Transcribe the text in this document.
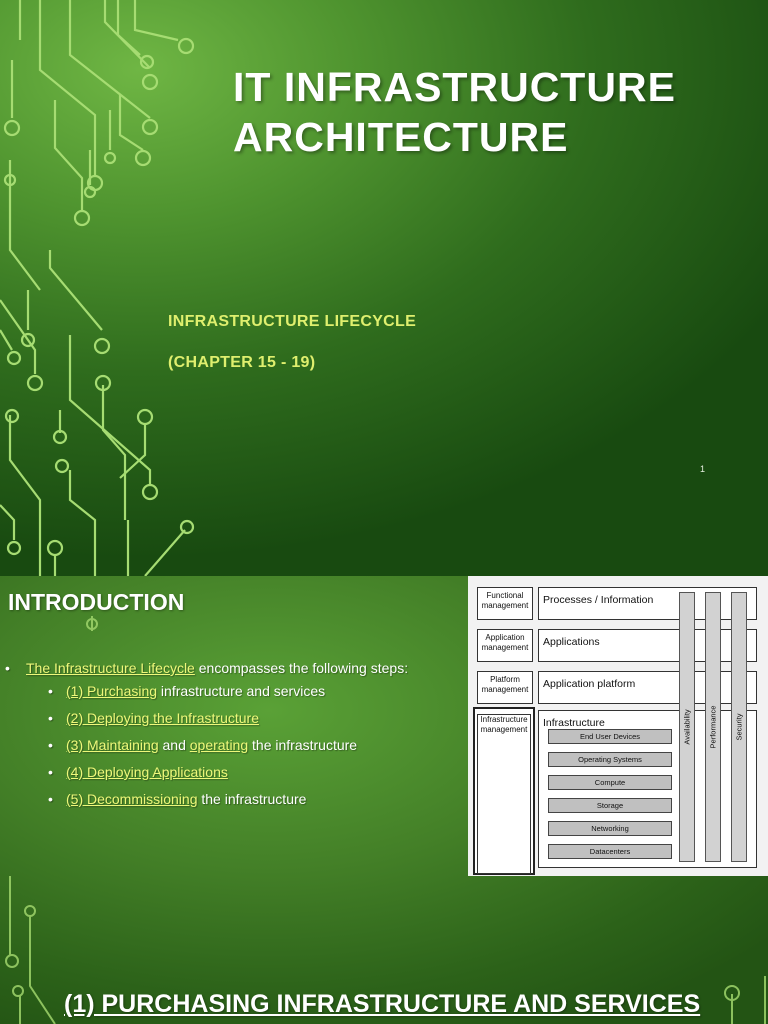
IT INFRASTRUCTURE
ARCHITECTURE

INFRASTRUCTURE LIFECYCLE

(CHAPTER 15 - 19)

1
INTRODUCTION
• The Infrastructure Lifecycle encompasses the following steps:
• (1) Purchasing infrastructure and services
• (2) Deploying the Infrastructure
• (3) Maintaining and operating the infrastructure
• (4) Deploying Applications
• (5) Decommissioning the infrastructure
Functional management
Application management
Platform management
Infrastructure management
Processes / Information
Applications
Application platform
Infrastructure
End User Devices
Operating Systems
Compute
Storage
Networking
Datacenters
Availability Performance Security
(1) PURCHASING INFRASTRUCTURE AND SERVICES
